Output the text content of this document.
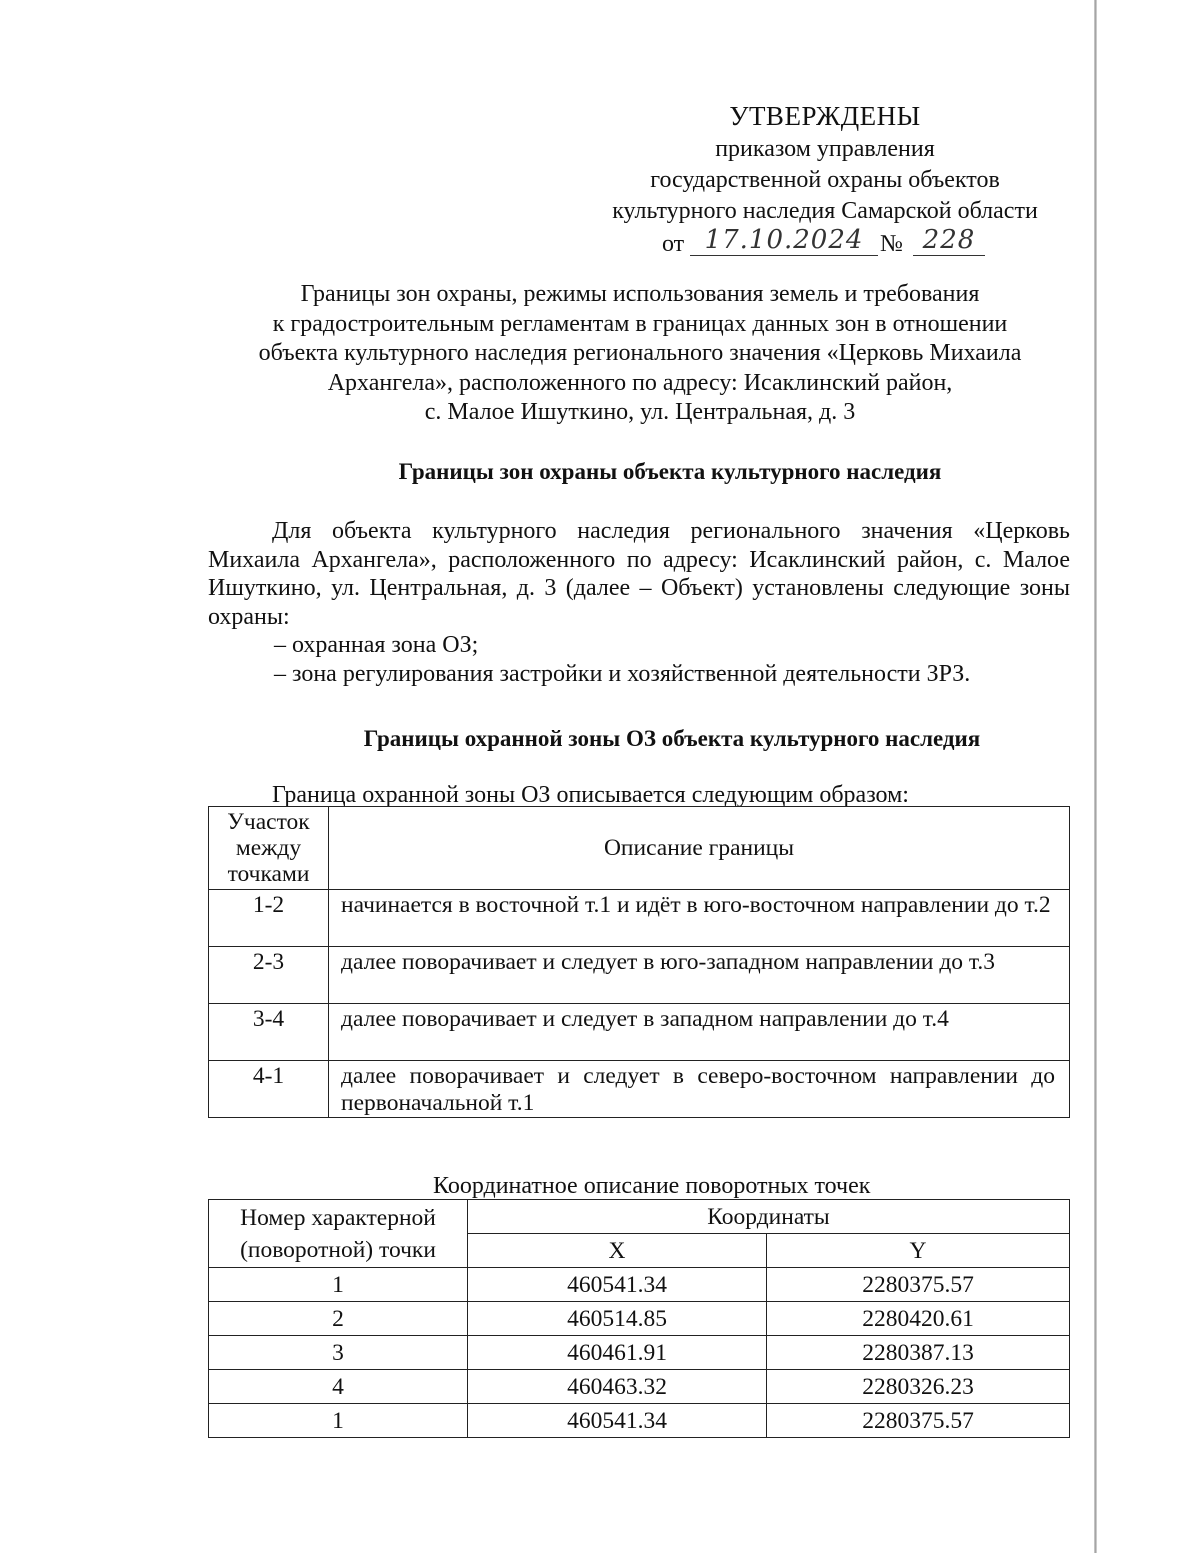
УТВЕРЖДЕНЫ
приказом управления
государственной охраны объектов
культурного наследия Самарской области
от 17.10.2024 № 228
Границы зон охраны, режимы использования земель и требования
к градостроительным регламентам в границах данных зон в отношении
объекта культурного наследия регионального значения «Церковь Михаила
Архангела», расположенного по адресу: Исаклинский район,
с. Малое Ишуткино, ул. Центральная, д. 3
Границы зон охраны объекта культурного наследия
Для объекта культурного наследия регионального значения «Церковь Михаила Архангела», расположенного по адресу: Исаклинский район, с. Малое Ишуткино, ул. Центральная, д. 3 (далее – Объект) установлены следующие зоны охраны:
– охранная зона ОЗ;
– зона регулирования застройки и хозяйственной деятельности ЗРЗ.
Границы охранной зоны ОЗ объекта культурного наследия
Граница охранной зоны ОЗ описывается следующим образом:
Участок между точками	Описание границы
1-2	начинается в восточной т.1 и идёт в юго-восточном направлении до т.2
2-3	далее поворачивает и следует в юго-западном направлении до т.3
3-4	далее поворачивает и следует в западном направлении до т.4
4-1	далее поворачивает и следует в северо-восточном направлении до первоначальной т.1
Координатное описание поворотных точек
Номер характерной (поворотной) точки	Координаты	
	X	Y
1	460541.34	2280375.57
2	460514.85	2280420.61
3	460461.91	2280387.13
4	460463.32	2280326.23
1	460541.34	2280375.57
